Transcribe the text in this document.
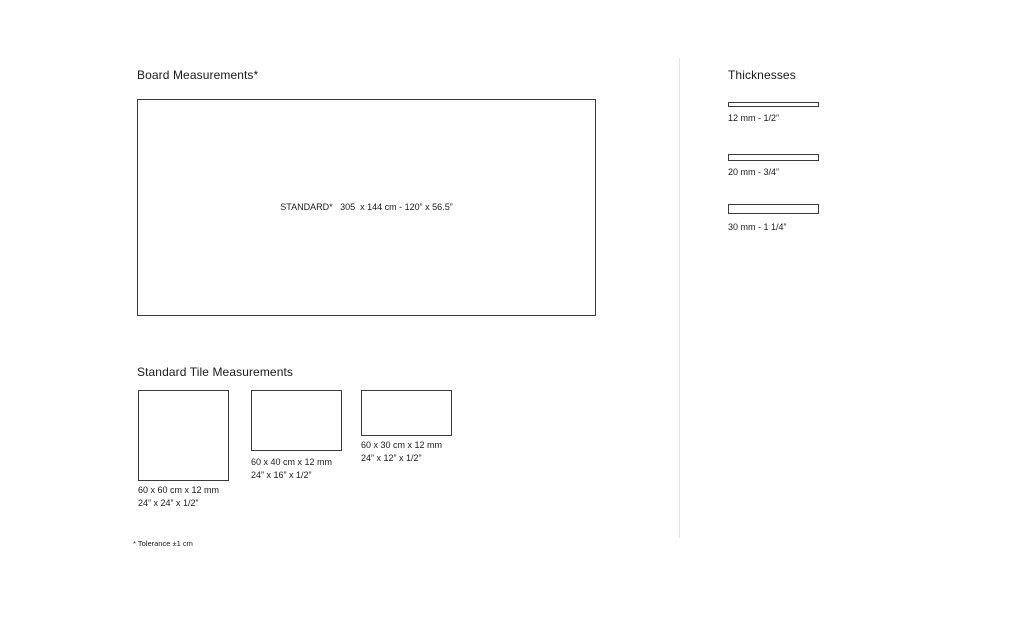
Board Measurements*
STANDARD*   305  x 144 cm - 120” x 56.5”
Standard Tile Measurements
60 x 60 cm x 12 mm
24” x 24” x 1/2”
60 x 40 cm x 12 mm
24” x 16” x 1/2”
60 x 30 cm x 12 mm
24” x 12” x 1/2”
* Tolerance ±1 cm
Thicknesses
12 mm - 1/2”
20 mm - 3/4”
30 mm - 1 1/4”
